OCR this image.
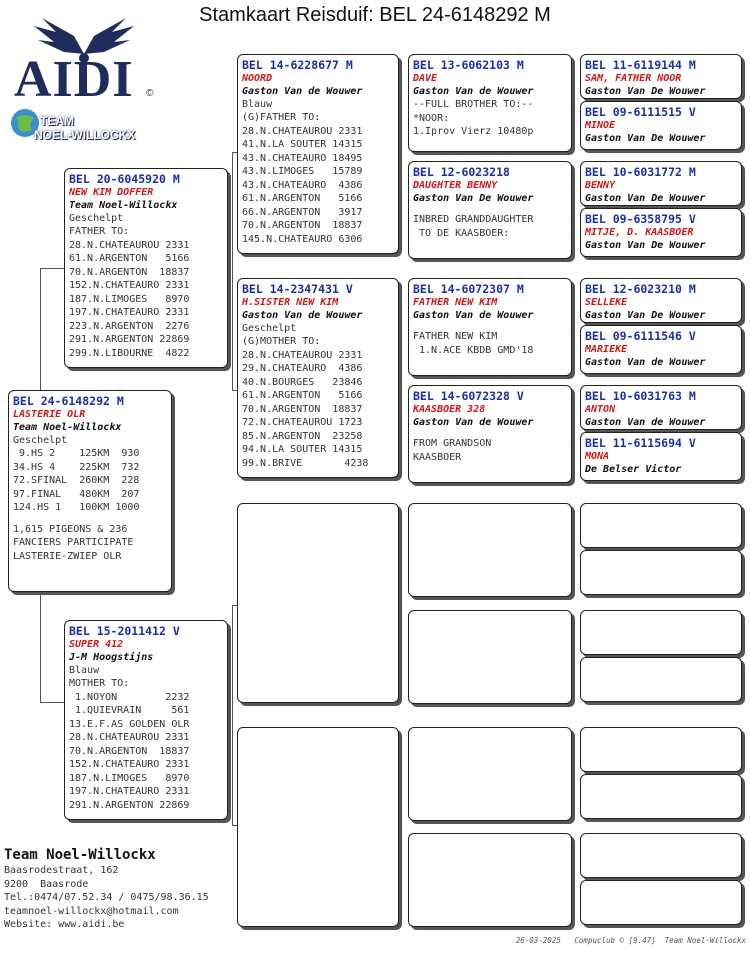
Stamkaart Reisduif: BEL 24-6148292 M
AIDI ©
TEAM
NOEL-WILLOCKX
BEL 24-6148292 M
LASTERIE OLR
Team Noel-Willockx
Geschelpt
9.HS 2    125KM  930
34.HS 4    225KM  732
72.SFINAL  260KM  228
97.FINAL   480KM  207
124.HS 1   100KM 1000
1,615 PIGEONS & 236
FANCIERS PARTICIPATE
LASTERIE-ZWIEP OLR
BEL 20-6045920 M
NEW KIM DOFFER
Team Noel-Willockx
Geschelpt
FATHER TO:
28.N.CHATEAUROU 2331
61.N.ARGENTON   5166
70.N.ARGENTON  18837
152.N.CHATEAURO 2331
187.N.LIMOGES   8970
197.N.CHATEAURO 2331
223.N.ARGENTON  2276
291.N.ARGENTON 22869
299.N.LIBOURNE  4822
BEL 15-2011412 V
SUPER 412
J-M Hoogstijns
Blauw
MOTHER TO:
1.NOYON        2232
1.QUIEVRAIN     561
13.E.F.AS GOLDEN OLR
28.N.CHATEAUROU 2331
70.N.ARGENTON  18837
152.N.CHATEAURO 2331
187.N.LIMOGES   8970
197.N.CHATEAURO 2331
291.N.ARGENTON 22869
BEL 14-6228677 M
NOORD
Gaston Van de Wouwer
Blauw
(G)FATHER TO:
28.N.CHATEAUROU 2331
41.N.LA SOUTER 14315
43.N.CHATEAURO 18495
43.N.LIMOGES   15789
43.N.CHATEAURO  4386
61.N.ARGENTON   5166
66.N.ARGENTON   3917
70.N.ARGENTON  18837
145.N.CHATEAURO 6306
BEL 14-2347431 V
H.SISTER NEW KIM
Gaston Van de Wouwer
Geschelpt
(G)MOTHER TO:
28.N.CHATEAUROU 2331
29.N.CHATEAURO  4386
40.N.BOURGES   23846
61.N.ARGENTON   5166
70.N.ARGENTON  18837
72.N.CHATEAUROU 1723
85.N.ARGENTON  23258
94.N.LA SOUTER 14315
99.N.BRIVE       4238
BEL 13-6062103 M
DAVE
Gaston Van de Wouwer
--FULL BROTHER TO:--
*NOOR:
1.Iprov Vierz 10480p
BEL 12-6023218
DAUGHTER BENNY
Gaston Van De Wouwer
INBRED GRANDDAUGHTER
TO DE KAASBOER:
BEL 14-6072307 M
FATHER NEW KIM
Gaston Van de Wouwer
FATHER NEW KIM
1.N.ACE KBDB GMD'18
BEL 14-6072328 V
KAASBOER 328
Gaston Van de Wouwer
FROM GRANDSON
KAASBOER
BEL 11-6119144 M
SAM, FATHER NOOR
Gaston Van De Wouwer
BEL 09-6111515 V
MINOE
Gaston Van De Wouwer
BEL 10-6031772 M
BENNY
Gaston Van De Wouwer
BEL 09-6358795 V
MITJE, D. KAASBOER
Gaston Van De Wouwer
BEL 12-6023210 M
SELLEKE
Gaston Van De Wouwer
BEL 09-6111546 V
MARIEKE
Gaston Van de Wouwer
BEL 10-6031763 M
ANTON
Gaston Van de Wouwer
BEL 11-6115694 V
MONA
De Belser Victor
Team Noel-Willockx
Baasrodestraat, 162
9200  Baasrode
Tel.:0474/07.52.34 / 0475/98.36.15
teamnoel-willockx@hotmail.com
Website: www.aidi.be
26-03-2025   Compuclub © [9.47]  Team Noel-Willockx
